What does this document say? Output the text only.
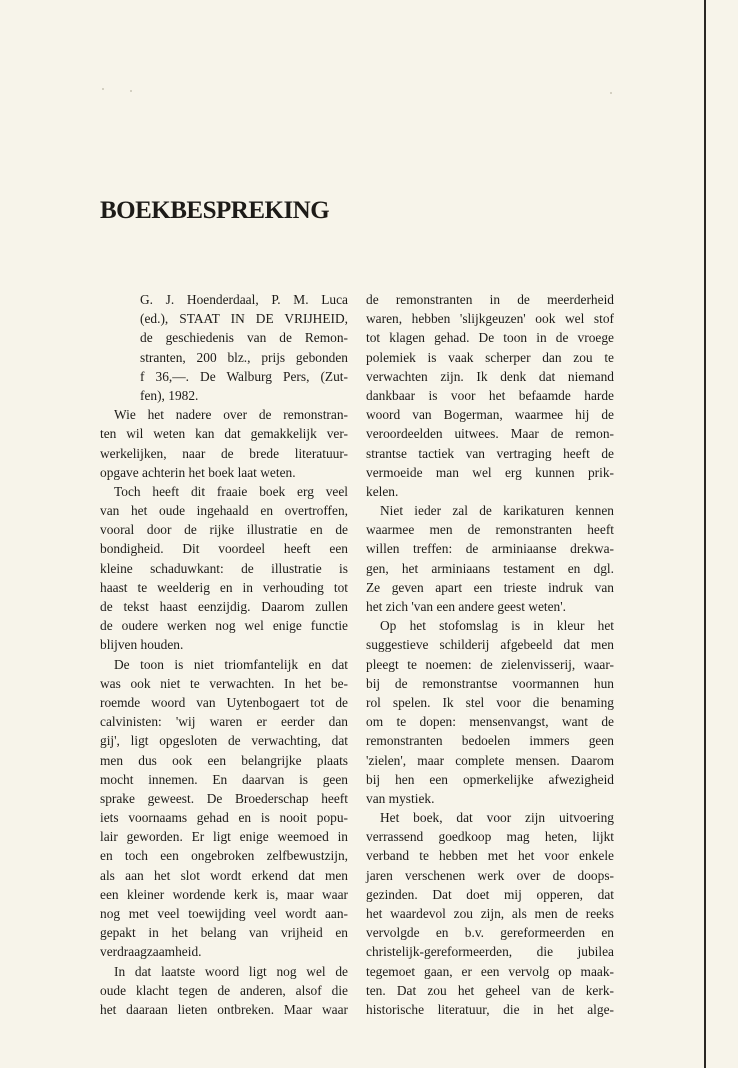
BOEKBESPREKING
G. J. Hoenderdaal, P. M. Luca
(ed.), STAAT IN DE VRIJHEID,
de geschiedenis van de Remon-
stranten, 200 blz., prijs gebonden
f 36,—. De Walburg Pers, (Zut-
fen), 1982.
Wie het nadere over de remonstran-
ten wil weten kan dat gemakkelijk ver-
werkelijken, naar de brede literatuur-
opgave achterin het boek laat weten.
Toch heeft dit fraaie boek erg veel
van het oude ingehaald en overtroffen,
vooral door de rijke illustratie en de
bondigheid. Dit voordeel heeft een
kleine schaduwkant: de illustratie is
haast te weelderig en in verhouding tot
de tekst haast eenzijdig. Daarom zullen
de oudere werken nog wel enige functie
blijven houden.
De toon is niet triomfantelijk en dat
was ook niet te verwachten. In het be-
roemde woord van Uytenbogaert tot de
calvinisten: 'wij waren er eerder dan
gij', ligt opgesloten de verwachting, dat
men dus ook een belangrijke plaats
mocht innemen. En daarvan is geen
sprake geweest. De Broederschap heeft
iets voornaams gehad en is nooit popu-
lair geworden. Er ligt enige weemoed in
en toch een ongebroken zelfbewustzijn,
als aan het slot wordt erkend dat men
een kleiner wordende kerk is, maar waar
nog met veel toewijding veel wordt aan-
gepakt in het belang van vrijheid en
verdraagzaamheid.
In dat laatste woord ligt nog wel de
oude klacht tegen de anderen, alsof die
het daaraan lieten ontbreken. Maar waar
de remonstranten in de meerderheid
waren, hebben 'slijkgeuzen' ook wel stof
tot klagen gehad. De toon in de vroege
polemiek is vaak scherper dan zou te
verwachten zijn. Ik denk dat niemand
dankbaar is voor het befaamde harde
woord van Bogerman, waarmee hij de
veroordeelden uitwees. Maar de remon-
strantse tactiek van vertraging heeft de
vermoeide man wel erg kunnen prik-
kelen.
Niet ieder zal de karikaturen kennen
waarmee men de remonstranten heeft
willen treffen: de arminiaanse drekwa-
gen, het arminiaans testament en dgl.
Ze geven apart een trieste indruk van
het zich 'van een andere geest weten'.
Op het stofomslag is in kleur het
suggestieve schilderij afgebeeld dat men
pleegt te noemen: de zielenvisserij, waar-
bij de remonstrantse voormannen hun
rol spelen. Ik stel voor die benaming
om te dopen: mensenvangst, want de
remonstranten bedoelen immers geen
'zielen', maar complete mensen. Daarom
bij hen een opmerkelijke afwezigheid
van mystiek.
Het boek, dat voor zijn uitvoering
verrassend goedkoop mag heten, lijkt
verband te hebben met het voor enkele
jaren verschenen werk over de doops-
gezinden. Dat doet mij opperen, dat
het waardevol zou zijn, als men de reeks
vervolgde en b.v. gereformeerden en
christelijk-gereformeerden, die jubilea
tegemoet gaan, er een vervolg op maak-
ten. Dat zou het geheel van de kerk-
historische literatuur, die in het alge-
